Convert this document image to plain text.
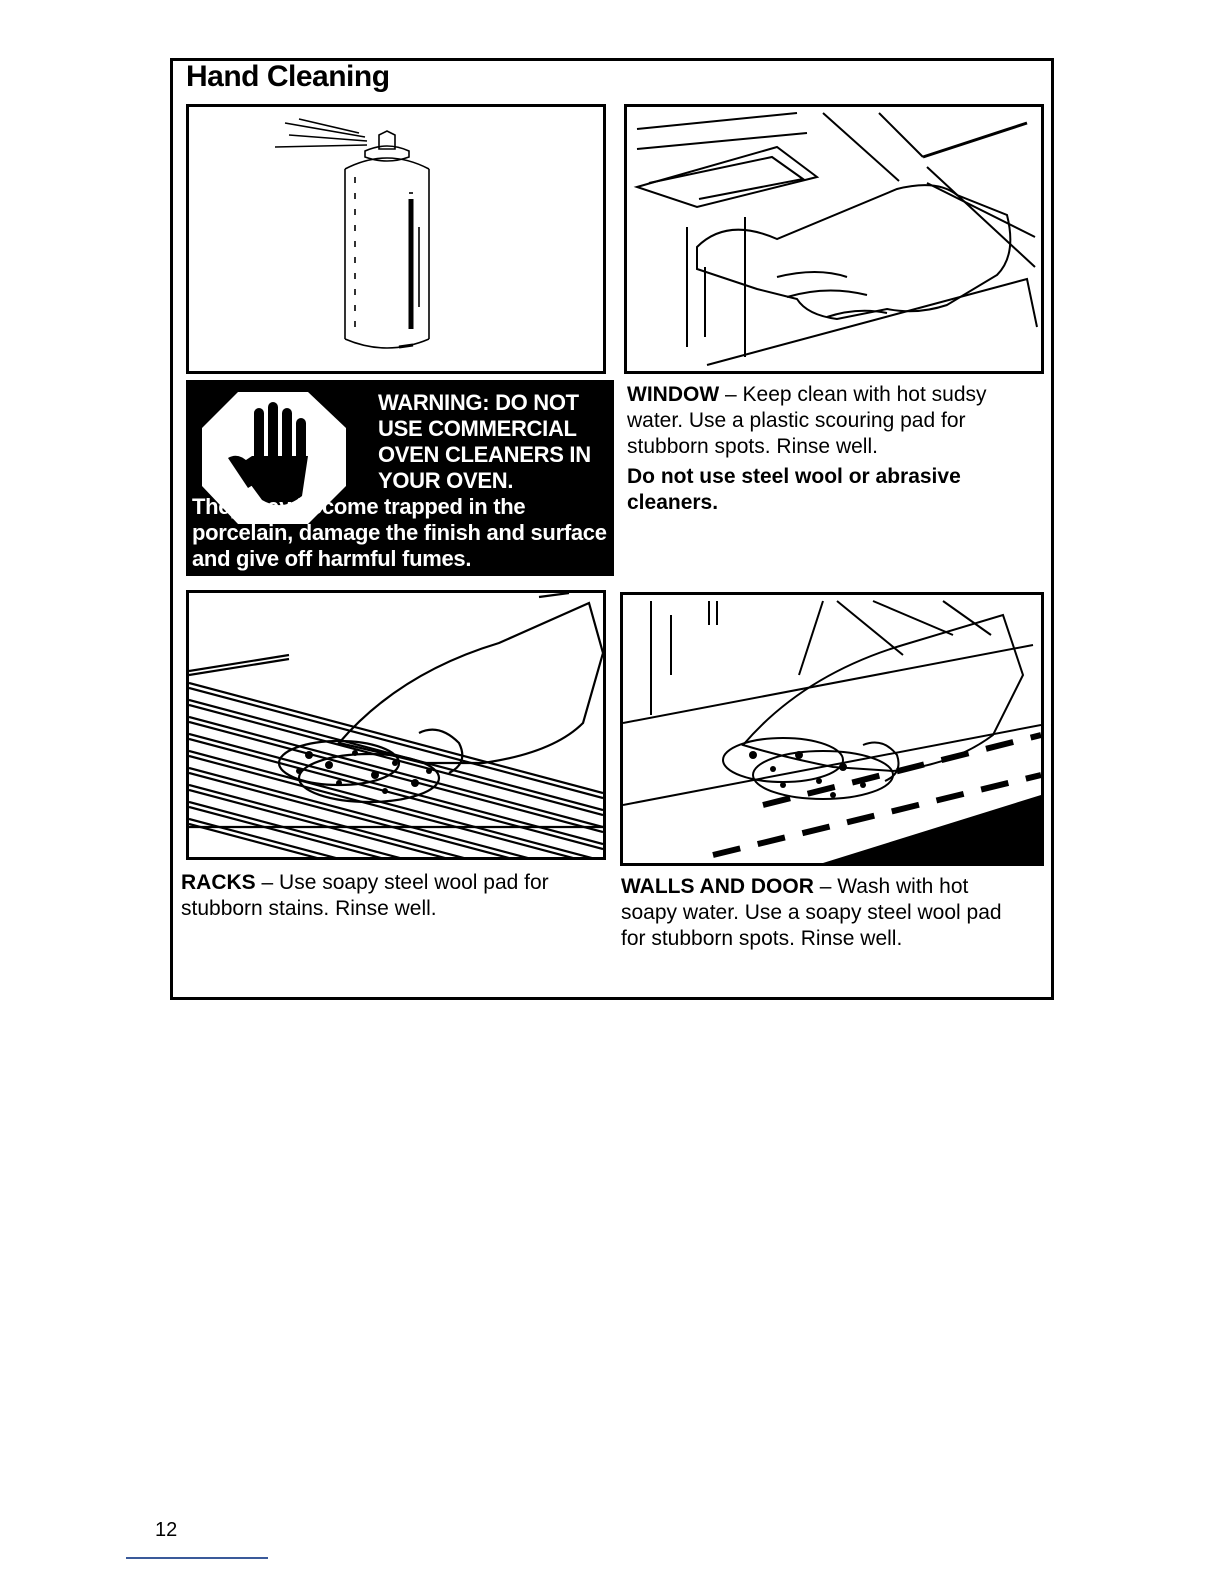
Hand Cleaning
WARNING: DO NOT USE COMMERCIAL OVEN CLEANERS IN YOUR OVEN.
They may become trapped in the porcelain, damage the finish and surface and give off harmful fumes.

WINDOW – Keep clean with hot sudsy water. Use a plastic scouring pad for stubborn spots. Rinse well.

Do not use steel wool or abrasive cleaners.

RACKS – Use soapy steel wool pad for stubborn stains. Rinse well.

WALLS AND DOOR – Wash with hot soapy water. Use a soapy steel wool pad for stubborn spots. Rinse well.

12
